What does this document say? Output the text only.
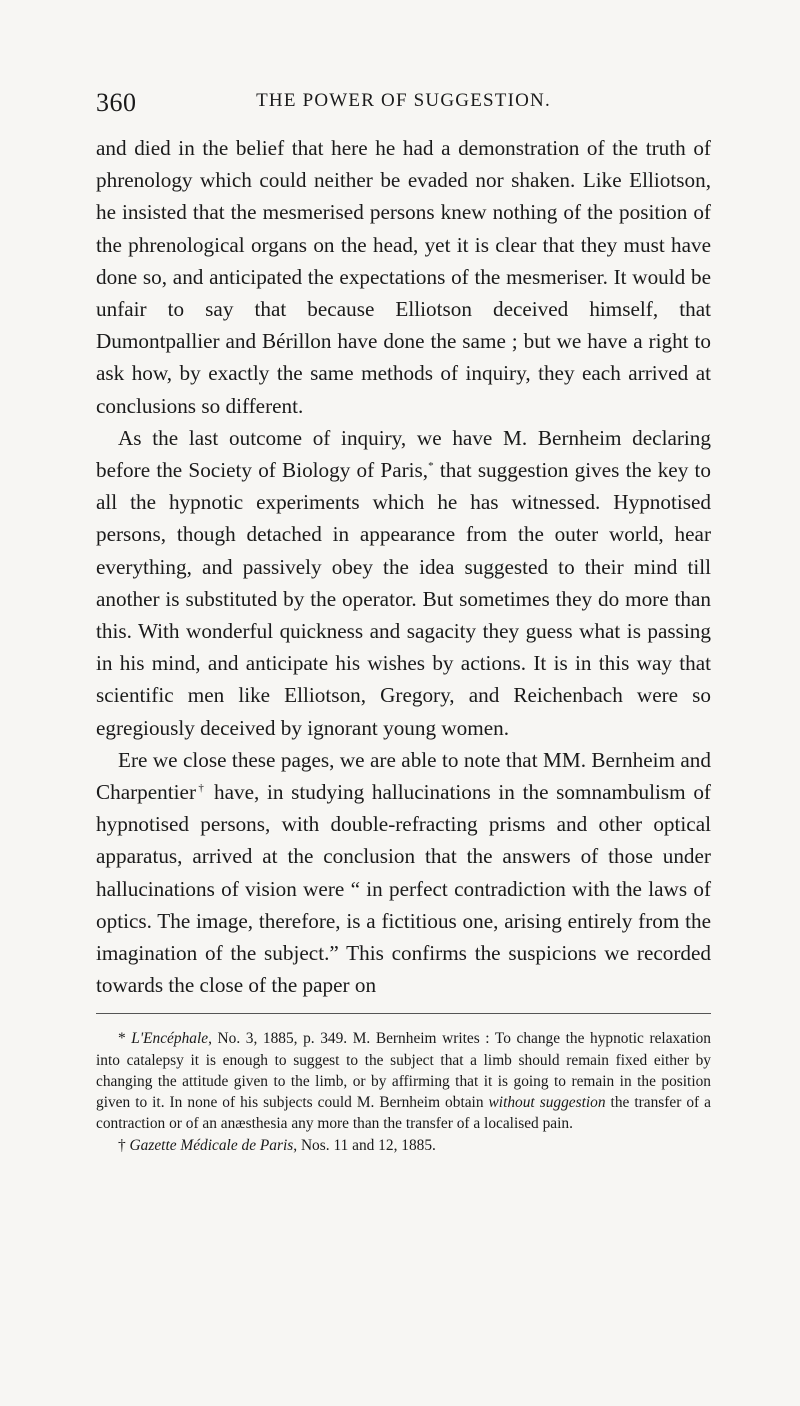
360	THE POWER OF SUGGESTION.

and died in the belief that here he had a demonstration of the truth of phrenology which could neither be evaded nor shaken. Like Elliotson, he insisted that the mesmerised persons knew nothing of the position of the phrenological organs on the head, yet it is clear that they must have done so, and anticipated the expectations of the mesmeriser. It would be unfair to say that because Elliotson deceived himself, that Dumontpallier and Bérillon have done the same ; but we have a right to ask how, by exactly the same methods of inquiry, they each arrived at conclusions so different.

As the last outcome of inquiry, we have M. Bernheim declaring before the Society of Biology of Paris,* that suggestion gives the key to all the hypnotic experiments which he has witnessed. Hypnotised persons, though detached in appearance from the outer world, hear everything, and passively obey the idea suggested to their mind till another is substituted by the operator. But sometimes they do more than this. With wonderful quickness and sagacity they guess what is passing in his mind, and anticipate his wishes by actions. It is in this way that scientific men like Elliotson, Gregory, and Reichenbach were so egregiously deceived by ignorant young women.

Ere we close these pages, we are able to note that MM. Bernheim and Charpentier† have, in studying hallucinations in the somnambulism of hypnotised persons, with double-refracting prisms and other optical apparatus, arrived at the conclusion that the answers of those under hallucinations of vision were “ in perfect contradiction with the laws of optics. The image, therefore, is a fictitious one, arising entirely from the imagination of the subject.” This confirms the suspicions we recorded towards the close of the paper on

* L'Encéphale, No. 3, 1885, p. 349. M. Bernheim writes : To change the hypnotic relaxation into catalepsy it is enough to suggest to the subject that a limb should remain fixed either by changing the attitude given to the limb, or by affirming that it is going to remain in the position given to it. In none of his subjects could M. Bernheim obtain without suggestion the transfer of a contraction or of an anæsthesia any more than the transfer of a localised pain.

† Gazette Médicale de Paris, Nos. 11 and 12, 1885.
